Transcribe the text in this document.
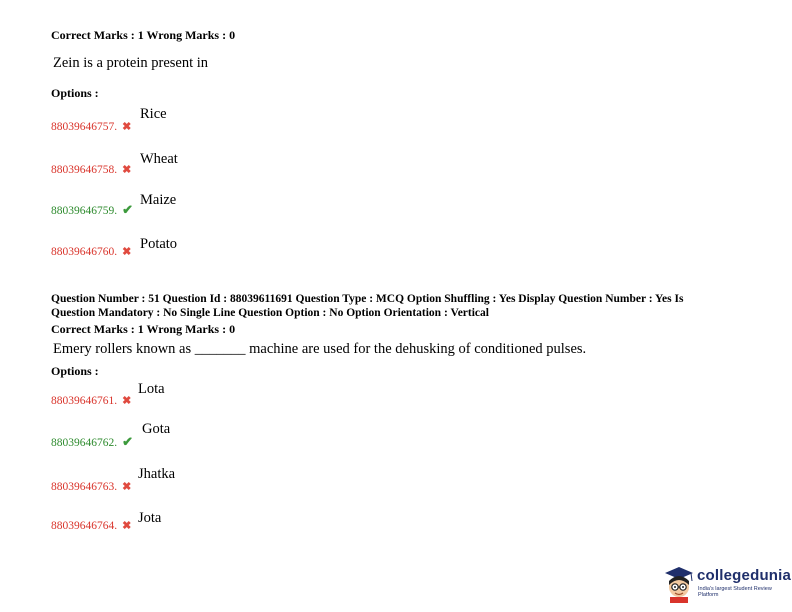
Correct Marks : 1 Wrong Marks : 0
Zein is a protein present in
Options :
88039646757. ✖
Rice
88039646758. ✖
Wheat
88039646759. ✔
Maize
88039646760. ✖ Potato
Question Number : 51 Question Id : 88039611691 Question Type : MCQ Option Shuffling : Yes Display Question Number : Yes Is
Question Mandatory : No Single Line Question Option : No Option Orientation : Vertical
Correct Marks : 1 Wrong Marks : 0
Emery rollers known as _______ machine are used for the dehusking of conditioned pulses.
Options :
88039646761. ✖
Lota
88039646762. ✔
Gota
88039646763. ✖
Jhatka
88039646764. ✖ Jota
collegedunia
India's largest Student Review Platform
